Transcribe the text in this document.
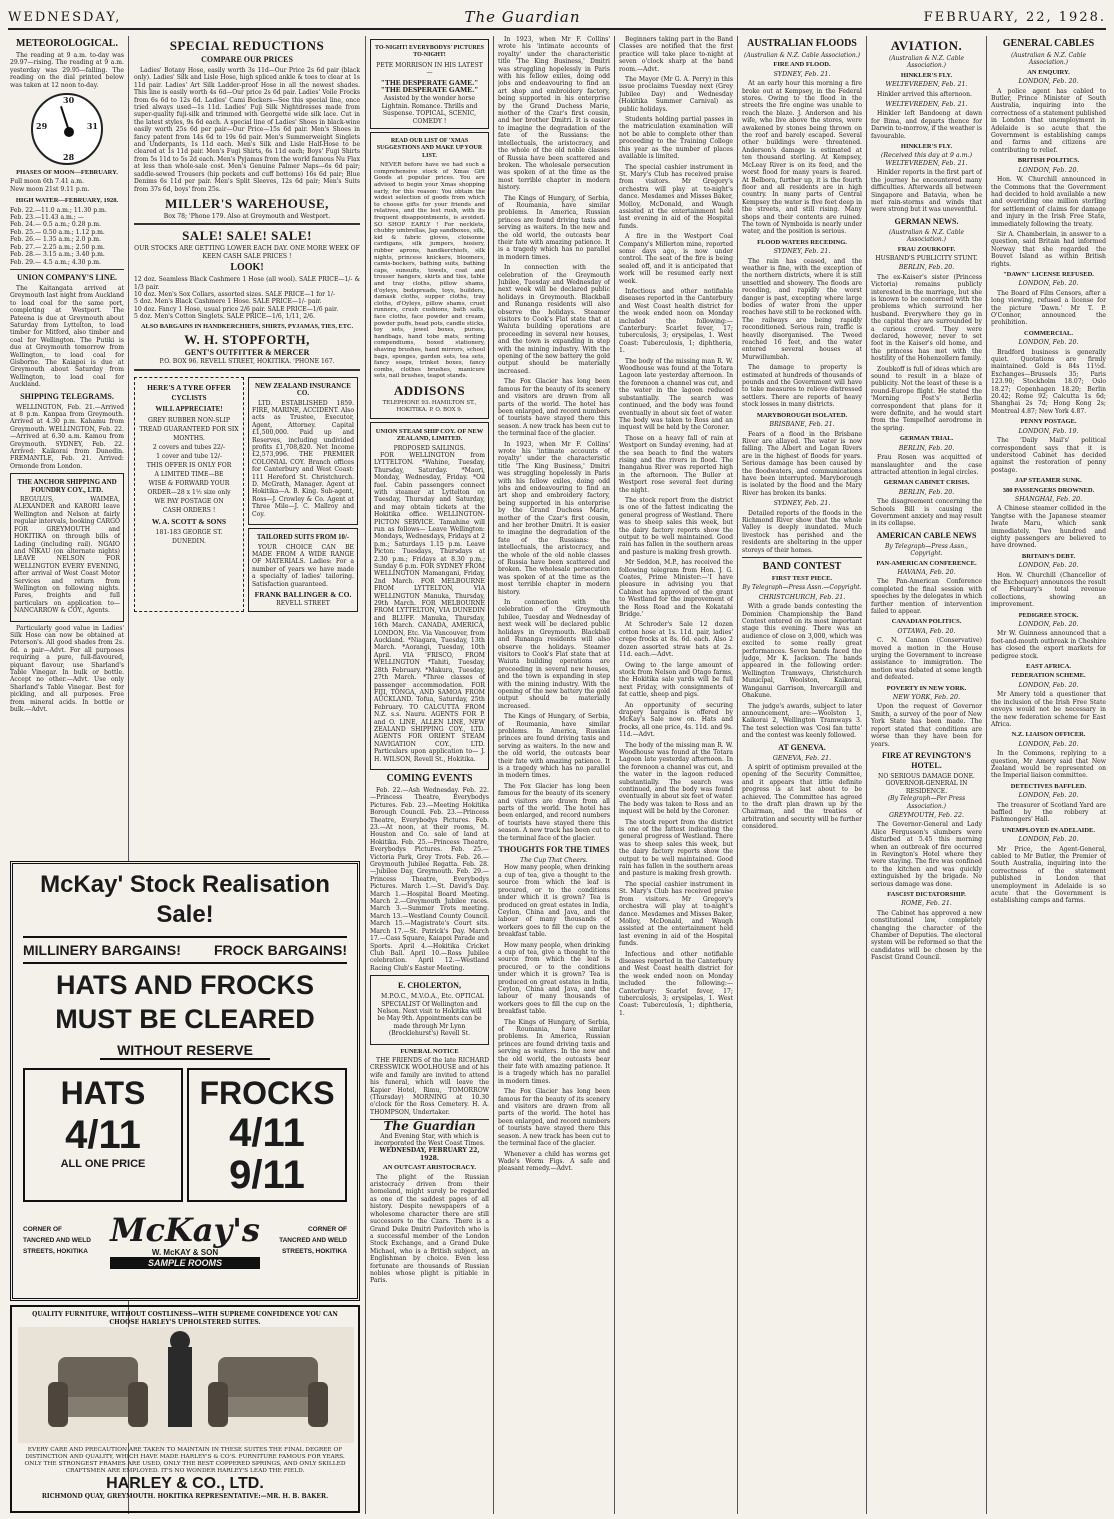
WEDNESDAY,	The Guardian	FEBRUARY, 22, 1928.
METEOROLOGICAL.

The reading at 9 a.m. to-day was 29.97—rising. The reading at 9 a.m. yesterday was 29.95—falling. The reading on the dial printed below was taken at 12 noon to-day.

29	31
30
28
PHASES OF MOON—FEBRUARY.
Full moon 6th 7.41 a.m.
New moon 21st 9.11 p.m.
HIGH WATER—FEBRUARY, 1928.
Feb. 22.—11.0 a.m.; 11.30 p.m.
Feb. 23.—11.43 a.m.; —
Feb. 24.— 0.5 a.m.; 0.28 p.m.
Feb. 25.— 0.50 a.m.; 1.12 p.m.
Feb. 26.— 1.35 a.m.; 2.0 p.m.
Feb. 27.— 2.25 a.m.; 2.50 p.m.
Feb. 28.— 3.15 a.m.; 3.40 p.m.
Feb. 29.— 4.5 a.m.; 4.30 p.m.
UNION COMPANY'S LINE.

The Kaitangata arrived at Greymouth last night from Auckland to load coal for the same port, completing at Westport. The Pateena is due at Greymouth about Saturday from Lyttelton, to load timber for Mitford, also timber and coal for Wellington. The Putiki is due at Greymouth tomorrow from Wellington, to load coal for Gisborne. The Kaiapoi is due at Greymouth about Saturday from Wellington, to load coal for Auckland.

SHIPPING TELEGRAMS.

WELLINGTON, Feb. 21.—Arrived at 8 p.m. Kanpaa from Greymouth. Arrived at 4.30 p.m. Kahamu from Greymouth. WELLINGTON, Feb. 22.—Arrived at 6.30 a.m. Kamou from Greymouth. SYDNEY, Feb. 22. Arrived: Kaikorai from Dunedin. FREMANTLE, Feb. 21. Arrived: Ormonde from London.

THE ANCHOR SHIPPING AND FOUNDRY COY., LTD.

REGULUS, WAIMEA, ALEXANDER and KARORI leave Wellington and Nelson at fairly regular intervals, booking CARGO FOR GREYMOUTH and HOKITIKA on through bills of Lading (including rail). NGAIO and NIKAU (on alternate nights) LEAVE NELSON FOR WELLINGTON EVERY EVENING, after arrival of West Coast Motor Services and return from Wellington on following nights. Fares, freights and full particulars on application to— NANCARROW & COY., Agents.

Particularly good value in Ladies' Silk Hose can now be obtained at Peterson's. All good shades from 2s. 6d. a pair—Advt. For all purposes requiring a pure, full-flavoured, piquant flavour, use Sharland's Table Vinegar. In bulk or bottle. Accept no other.—Advt. Use only Sharland's Table Vinegar. Best for pickling, and all purposes. Free from mineral acids. In bottle or bulk.—Advt.

SPECIAL REDUCTIONS
COMPARE OUR PRICES

Ladies' Botany Hose, easily worth 3s 11d—Our Price 2s 6d pair (black only). Ladies' Silk and Lisle Hose, high spliced ankle & toes to clear at 1s 11d pair. Ladies' Art Silk Ladder-proof Hose in all the newest shades. This line is easily worth 4s 6d—Our price 2s 6d pair. Ladies' Voile Frocks from 6s 6d to 12s 6d. Ladies' Cami Bockers—See this special line, once tried always used—1s 11d. Ladies' Fuji Silk Nightdresses made from super-quality fuji-silk and trimmed with Georgette wide silk lace. Cut in the latest styles, 9s 6d each. A special line of Ladies' Shoes in black-wine easily worth 25s 6d per pair—Our Price—15s 6d pair. Men's Shoes in fancy patent from 14s 6d to 19s 6d pair. Men's Summerweight Singlets and Underpants, 1s 11d each. Men's Silk and Lisle Half-Hose to be cleared at 1s 11d pair. Men's Fugi Shirts, 6s 11d each; Boys' Fugi Shirts from 5s 11d to 5s 2d each. Men's Pyjamas from the world famous Nu Flax at less than whole-sale cost. Men's Genuine Palmer Naps—6s 6d pair; saddle-sewed Trousers (hip pockets and cuff bottoms) 16s 6d pair; Blue Denims 6s 11d per pair. Men's Split Sleeves, 12s 6d pair; Men's Suits from 37s 6d, boys' from 25s.

MILLER'S WAREHOUSE,
Box 78; 'Phone 179. Also at Greymouth and Westport.
SALE! SALE! SALE!
OUR STOCKS ARE GETTING LOWER EACH DAY. ONE MORE WEEK OF KEEN CASH SALE PRICES !
LOOK!
12 doz. Seamless Black Cashmere 1 Hose (all wool). SALE PRICE—1/- & 1/3 pair.
10 doz. Men's Sox Collars, assorted sizes. SALE PRICE—1 for 1/-
5 doz. Men's Black Cashmere 1 Hose. SALE PRICE—1/- pair.
10 doz. Fancy 1 Hose, usual price 2/6 pair. SALE PRICE—1/6 pair.
5 doz. Men's Cotton Singlets. SALE PRICE—1/6, 1/11, 2/6.
ALSO BARGAINS IN HANDKERCHIEFS, SHIRTS, PYJAMAS, TIES, ETC.
W. H. STOPFORTH,
GENT'S OUTFITTER & MERCER
P.O. BOX 96. REVELL STREET, HOKITIKA. 'PHONE 167.
HERE'S A TYRE OFFER
CYCLISTS
WILL APPRECIATE!
GREY RUBBER NON-SLIP TREAD GUARANTEED FOR SIX MONTHS.
2 covers and tubes 22/-
1 cover and tube 12/-
THIS OFFER IS ONLY FOR
A LIMITED TIME—BE
WISE & FORWARD YOUR
ORDER—28 x 1½ size only
WE PAY POSTAGE ON
CASH ORDERS !
W. A. SCOTT & SONS
181-183 GEORGE ST.
DUNEDIN.
NEW ZEALAND INSURANCE CO.

LTD. ESTABLISHED 1859. FIRE, MARINE, ACCIDENT. Also acts as Trustee, Executor, Agent, Attorney. Capital £1,500,000. Paid up and Reserves, including undivided profits £1,708,820. Net Income £2,573,996. THE PREMIER COLONIAL COY. Branch offices for Canterbury and West Coast: 111 Hereford St. Christchurch. D. McGrath, Manager. Agent at Hokitika—A. B. King. Sub-agent, Ross—J. Crowley & Co. Agent at Three Mile—J. C. Mallroy and Coy.

TAILORED SUITS FROM 10/-

YOUR CHOICE CAN BE MADE FROM A WIDE RANGE OF MATERIALS. Ladies: For a number of years we have made a specialty of ladies' tailoring. Satisfaction guaranteed.

FRANK BALLINGER & CO.
REVELL STREET
McKay' Stock Realisation Sale!
MILLINERY BARGAINS! FROCK BARGAINS!
HATS AND FROCKS
MUST BE CLEARED
WITHOUT RESERVE
HATS
4/11
ALL ONE PRICE
FROCKS
4/11
9/11
CORNER OF TANCRED AND WELD STREETS, HOKITIKA
McKay's
W. McKAY & SON
SAMPLE ROOMS
CORNER OF TANCRED AND WELD STREETS, HOKITIKA
QUALITY FURNITURE, WITHOUT COSTLINESS—WITH SUPREME CONFIDENCE YOU CAN CHOOSE HARLEY'S UPHOLSTERED SUITES.
EVERY CARE AND PRECAUTION ARE TAKEN TO MAINTAIN IN THESE SUITES THE FINAL DEGREE OF DISTINCTION AND QUALITY, WHICH HAVE MADE HARLEY'S & CO'S. FURNITURE FAMOUS FOR YEARS. ONLY THE STRONGEST FRAMES ARE USED, ONLY THE BEST COPPERED SPRINGS, AND ONLY SKILLED CRAFTSMEN ARE EMPLOYED. IT'S NO WONDER HARLEY'S LEAD THE FIELD.
HARLEY & CO., LTD.
RICHMOND QUAY, GREYMOUTH. HOKITIKA REPRESENTATIVE:—MR. H. B. BAKER.
TO-NIGHT! EVERYBODYS' PICTURES TO-NIGHT!
PETE MORRISON IN HIS LATEST—
"THE DESPERATE GAME." "THE DESPERATE GAME."
Assisted by the wonder horse Lightnin. Romance. Thrills and Suspense. TOPICAL, SCENIC, COMEDY !
READ OUR LIST OF 'XMAS SUGGESTIONS AND MAKE UP YOUR LIST.

NEVER before have we had such a comprehensive stock of Xmas Gift Goods at popular prices. You are advised to begin your Xmas shopping early, for this reason: You obtain the widest selection of goods from which to choose gifts for your friends and relatives, and the lest rush, with its frequent disappointments, is avoided. SO SHOP EARLY ! For necklets, chubby umbrellas, Jap sandboxes, silk, kid & fabric gloves, cloisonne cardigans, silk jumpers, hosiery, rubber aprons, handkerchiefs, silk nights, princess knickers, bloomers, camis-bockers, bathing suits, bathing caps, sunsuits, towels, coat and trouser hangers, skirts and ties, table and tray cloths, pillow shams, d'oyleys, bedspreads, toys, builders, damask cloths, supper cloths, tray cloths, d'Oyleys, pillow shams, cruet runners, crush cushions, bath salts, face cloths, face powder and cream, powder puffs, bead pots, candle sticks, toy sets, jewel boxes, purses, handbags, hand tobe mats, writing compendiums, boxed stationery, shaving brushes, hand mirrors, school bags, sponges, garden sets, tea sets, fancy soaps, trinket boxes, fancy combs, clothes brushes, manicure sets, nail brushes, teapot stands.

ADDISONS
TELEPHONE 93. HAMILTON ST., HOKITIKA. P. O. BOX 9.
UNION STEAM SHIP COY. OF NEW ZEALAND, LIMITED.
PROPOSED SAILINGS.

FOR WELLINGTON from LYTTELTON. *Wahine, Tuesday, Thursday, Saturday. *Maori, Monday, Wednesday, Friday. *Oil fuel. Cabin passengers connect with steamer at Lyttelton on Tuesday, Thursday and Saturday, and may obtain tickets at the Hokitika office. WELLINGTON-PICTON SERVICE. Tamahine will run as follows— Leave Wellington: Mondays, Wednesdays, Fridays at 2 p.m.; Saturdays 1.15 p.m. Leave Picton: Tuesdays, Thursdays at 2.30 p.m.; Fridays at 8.30 p.m.; Sunday 6 p.m. FOR SYDNEY FROM WELLINGTON Mamangani, Friday, 2nd March. FOR MELBOURNE FROM LYTTELTON, VIA WELLINGTON Manuka, Thursday, 29th March. FOR MELBOURNE FROM LYTTELTON, VIA DUNEDIN and BLUFF. Manuka, Thursday, 16th March. CANADA, AMERICA, LONDON, Etc. Via Vancouver, from Auckland. *Niagara, Tuesday, 13th March. *Aorangi, Tuesday, 10th April. VIA 'FRISCO, FROM WELLINGTON *Tahiti, Tuesday, 28th February. *Makura, Tuesday, 27th March. *Three classes of passenger accommodation. FOR FIJI, TONGA, AND SAMOA FROM AUCKLAND. Tofua, Saturday, 25th February. TO CALCUTTA FROM N.Z. s.s. Nauru. AGENTS FOR P. and O. LINE, ALLEN LINE, NEW ZEALAND SHIPPING COY., LTD. AGENTS FOR ORIENT STEAM NAVIGATION COY., LTD. Particulars upon application to— J. H. WILSON, Revell St., Hokitika.

COMING EVENTS

Feb. 22.—Ash Wednesday. Feb. 22.—Princess Theatre, Everybodys Pictures. Feb. 23.—Meeting Hokitika Borough Council. Feb. 23.—Princess Theatre, Everybodys Pictures. Feb. 23.—At noon, at their rooms, M. Houston and Co. sale of land at Hokitika. Feb. 25.—Princess Theatre, Everybodys Pictures. Feb. 25.—Victoria Park, Grey Trots. Feb. 26.—Greymouth Jubilee Regatta. Feb. 28.—Jubilee Day, Greymouth. Feb. 29.—Princess Theatre, Everybodys Pictures. March 1.—St. David's Day. March 1.—Hospital Board Meeting. March 2.—Greymouth Jubilee races. March 3.—Summer Trots meeting. March 13.—Westland County Council. March 15.—Magistrate's Court sits. March 17.—St. Patrick's Day. March 17.—Cass Square, Kaiapoi Parade and Sports. April 4.—Hokitika Cricket Club Ball. April 10.—Ross Jubilee celebration. April 12.—Westland Racing Club's Easter Meeting.

E. CHOLERTON,

M.P.O.C., M.V.O.A., Etc. OPTICAL SPECIALIST Of Wellington and Nelson. Next visit to Hokitika will be May 9th. Appointments can be made through Mr Lynn (Brocklehurst's) Revell St.

FUNERAL NOTICE

THE FRIENDS of the late RICHARD CRESSWICK WOOLHOUSE and of his wife and family are invited to attend his funeral, which will leave the Kapier Hotel, Rimu, TOMORROW (Thursday) MORNING at 10.30 o'clock for the Ross Cemetery. H. A. THOMPSON, Undertaker.

The Guardian
And Evening Star, with which is incorporated the West Coast Times.
WEDNESDAY, FEBRUARY 22, 1928.
AN OUTCAST ARISTOCRACY.

The plight of the Russian aristocracy driven from their homeland, might surely be regarded as one of the saddest pages of all history. Despite newspapers of a wholesome character there are still successors to the Czars. There is a Grand Duke Dmitri Pavlovitch who is a successful member of the London Stock Exchange, and a Grand Duke Michael, who is a British subject, an Englishman by choice. Even less fortunate are thousands of Russian nobles whose plight is pitiable in Paris.

In 1923, when Mr F. Collins' wrote his 'intimate accounts of royalty' under the characteristic title 'The King Business,' Dmitri was struggling hopelessly in Paris with his fellow exiles, doing odd jobs and endeavouring to find an art shop and embroidery factory, being supported in his enterprise by the Grand Duchess Marie, mother of the Czar's first cousin, and her brother Dmitri. It is easier to imagine the degradation of the fate of the Russians: the intellectuals, the aristocracy, and the whole of the old noble classes of Russia have been scattered and broken. The wholesale persecution was spoken of at the time as the most terrible chapter in modern history.

The Kings of Hungary, of Serbia, of Roumania, have similar problems. In America, Russian princes are found driving taxis and serving as waiters. In the new and the old world, the outcasts bear their fate with amazing patience. It is a tragedy which has no parallel in modern times.

In connection with the celebration of the Greymouth Jubilee, Tuesday and Wednesday of next week will be declared public holidays in Greymouth. Blackball and Runanga residents will also observe the holidays. Steamer visitors to Cook's Flat state that at Waiuta building operations are proceeding in several new houses, and the town is expanding in step with the mining industry. With the opening of the new battery the gold output should be materially increased.

The Fox Glacier has long been famous for the beauty of its scenery and visitors are drawn from all parts of the world. The hotel has been enlarged, and record numbers of tourists have stayed there this season. A new track has been cut to the terminal face of the glacier.

In 1923, when Mr F. Collins' wrote his 'intimate accounts of royalty' under the characteristic title 'The King Business,' Dmitri was struggling hopelessly in Paris with his fellow exiles, doing odd jobs and endeavouring to find an art shop and embroidery factory, being supported in his enterprise by the Grand Duchess Marie, mother of the Czar's first cousin, and her brother Dmitri. It is easier to imagine the degradation of the fate of the Russians: the intellectuals, the aristocracy, and the whole of the old noble classes of Russia have been scattered and broken. The wholesale persecution was spoken of at the time as the most terrible chapter in modern history.

In connection with the celebration of the Greymouth Jubilee, Tuesday and Wednesday of next week will be declared public holidays in Greymouth. Blackball and Runanga residents will also observe the holidays. Steamer visitors to Cook's Flat state that at Waiuta building operations are proceeding in several new houses, and the town is expanding in step with the mining industry. With the opening of the new battery the gold output should be materially increased.

The Kings of Hungary, of Serbia, of Roumania, have similar problems. In America, Russian princes are found driving taxis and serving as waiters. In the new and the old world, the outcasts bear their fate with amazing patience. It is a tragedy which has no parallel in modern times.

The Fox Glacier has long been famous for the beauty of its scenery and visitors are drawn from all parts of the world. The hotel has been enlarged, and record numbers of tourists have stayed there this season. A new track has been cut to the terminal face of the glacier.

THOUGHTS FOR THE TIMES
The Cup That Cheers.

How many people, when drinking a cup of tea, give a thought to the source from which the leaf is procured, or to the conditions under which it is grown? Tea is produced on great estates in India, Ceylon, China and Java, and the labour of many thousands of workers goes to fill the cup on the breakfast table.

How many people, when drinking a cup of tea, give a thought to the source from which the leaf is procured, or to the conditions under which it is grown? Tea is produced on great estates in India, Ceylon, China and Java, and the labour of many thousands of workers goes to fill the cup on the breakfast table.

The Kings of Hungary, of Serbia, of Roumania, have similar problems. In America, Russian princes are found driving taxis and serving as waiters. In the new and the old world, the outcasts bear their fate with amazing patience. It is a tragedy which has no parallel in modern times.

The Fox Glacier has long been famous for the beauty of its scenery and visitors are drawn from all parts of the world. The hotel has been enlarged, and record numbers of tourists have stayed there this season. A new track has been cut to the terminal face of the glacier.

Whenever a child has worms get Wade's Worm Figs. A safe and pleasant remedy.—Advt.

Beginners taking part in the Band Classes are notified that the first practice will take place to-night at seven o'clock sharp at the band room.—Advt.

The Mayor (Mr G. A. Perry) in this issue proclaims Tuesday next (Grey Jubilee Day) and Wednesday (Hokitika Summer Carnival) as public holidays.

Students holding partial passes in the matriculation examination will not be able to complete other than proceeding to the Training College this year as the number of places available is limited.

The special cashier instrument in St. Mary's Club has received praise from visitors. Mr Gregory's orchestra will play at to-night's dance. Mesdames and Misses Baker, Molloy, McDonald, and Waugh assisted at the entertainment held last evening in aid of the Hospital funds.

A fire in the Westport Coal Company's Millerton mine, reported some days ago, is now under control. The seat of the fire is being sealed off, and it is anticipated that work will be resumed early next week.

Infectious and other notifiable diseases reported in the Canterbury and West Coast health district for the week ended noon on Monday included the following:—Canterbury: Scarlet fever, 17; tuberculosis, 3; erysipelas, 1. West Coast: Tuberculosis, 1; diphtheria, 1.

The body of the missing man R. W. Woodhouse was found at the Totara Lagoon late yesterday afternoon. In the forenoon a channel was cut, and the water in the lagoon reduced substantially. The search was continued, and the body was found eventually in about six feet of water. The body was taken to Ross and an inquest will be held by the Coroner.

Those on a heavy fall of rain at Westport on Sunday evening, had at the sea beach to find the waters rising and the rivers in flood. The Inangahua River was reported high in the afternoon. The Buller at Westport rose several feet during the night.

The stock report from the district is one of the fattest indicating the general progress of Westland. There was to sheep sales this week, but the dairy factory reports show the output to be well maintained. Good rain has fallen in the southern areas and pasture is making fresh growth.

Mr Seddon, M.P., has received the following telegram from Hon. J. G. Coates, Prime Minister:—'I have pleasure in advising you that Cabinet has approved of the grant to Westland for the improvement of the Ross Road and the Kokatahi Bridge.'

At Schroder's Sale 12 dozen cotton hose at 1s. 11d. pair, ladies' crepe frocks at 8s. 6d. each. Also 2 dozen assorted straw hats at 2s. 11d. each.—Advt.

Owing to the large amount of stock from Nelson and Otago farms, the Hokitika sale yards will be full next Friday, with consignments of fat cattle, sheep and pigs.

An opportunity of securing drapery bargains is offered by McKay's Sale now on. Hats and frocks, all one price, 4s. 11d. and 9s. 11d.—Advt.

The body of the missing man R. W. Woodhouse was found at the Totara Lagoon late yesterday afternoon. In the forenoon a channel was cut, and the water in the lagoon reduced substantially. The search was continued, and the body was found eventually in about six feet of water. The body was taken to Ross and an inquest will be held by the Coroner.

The stock report from the district is one of the fattest indicating the general progress of Westland. There was to sheep sales this week, but the dairy factory reports show the output to be well maintained. Good rain has fallen in the southern areas and pasture is making fresh growth.

The special cashier instrument in St. Mary's Club has received praise from visitors. Mr Gregory's orchestra will play at to-night's dance. Mesdames and Misses Baker, Molloy, McDonald, and Waugh assisted at the entertainment held last evening in aid of the Hospital funds.

Infectious and other notifiable diseases reported in the Canterbury and West Coast health district for the week ended noon on Monday included the following:—Canterbury: Scarlet fever, 17; tuberculosis, 3; erysipelas, 1. West Coast: Tuberculosis, 1; diphtheria, 1.

AUSTRALIAN FLOODS
(Australian & N.Z. Cable Association.)
FIRE AND FLOOD.
SYDNEY, Feb. 21.

At an early hour this morning a fire broke out at Kempsey, in the Federal stores. Owing to the flood in the streets the fire engine was unable to reach the blaze. J. Anderson and his wife, who live above the stores, were awakened by stones being thrown on the roof and barely escaped. Several other buildings were threatened. Anderson's damage is estimated at ten thousand sterling. At Kempsey, McLeay River is on its feed, and the worst flood for many years is feared. At Belbora, further up, it is the fourth floor and all residents are in high country. In many parts of Central Kempsey the water is five feet deep in the streets, and still rising. Many shops and their contents are ruined. The town of Nymboida is nearly under water, and the position is serious.

FLOOD WATERS RECEDING.
SYDNEY, Feb. 21.

The rain has ceased, and the weather is fine, with the exception of the northern districts, where it is still unsettled and showery. The floods are receding, and rapidly the worst danger is past, excepting where large bodies of water from the upper reaches have still to be reckoned with. The railways are being rapidly reconditioned. Serious rain, traffic is heavily disorganised. The Tweed reached 16 feet, and the water entered several houses at Murwillumbah.

The damage to property is estimated at hundreds of thousands of pounds and the Government will have to take measures to relieve distressed settlers. There are reports of heavy stock losses in many districts.

MARYBOROUGH ISOLATED.
BRISBANE, Feb. 21.

Fears of a flood in the Brisbane River are allayed. The water is now falling. The Albert and Logan Rivers are in the highest of floods for years. Serious damage has been caused by the floodwaters, and communications have been interrupted. Maryborough is isolated by the flood and the Mary River has broken its banks.

SYDNEY, Feb. 21.

Detailed reports of the floods in the Richmond River show that the whole Valley is deeply inundated. Much livestock has perished and the residents are sheltering in the upper storeys of their homes.

BAND CONTEST
FIRST TEST PIECE.
By Telegraph—Press Assn.—Copyright.
CHRISTCHURCH, Feb. 21.

With a grade bands contesting the Dominion Championship the Band Contest entered on its most important stage this evening. There was an audience of close on 3,000, which was excited to some really great performances. Seven bands faced the judge, Mr K. Jackson. The bands appeared in the following order: Wellington Tramways, Christchurch Municipal, Woolston, Kaikorai, Wanganui Garrison, Invercargill and Ohakune.

The judge's awards, subject to later announcement, are:—Woolston 1, Kaikorai 2, Wellington Tramways 3. The test selection was 'Cosi fan tutte' and the contest was keenly followed.

AT GENEVA.
GENEVA, Feb. 21.

A spirit of optimism prevailed at the opening of the Security Committee, and it appears that little definite progress is at last about to be achieved. The Committee has agreed to the draft plan drawn up by the Chairman, and the treaties of arbitration and security will be further considered.

AVIATION.
(Australian & N.Z. Cable Association.)
HINKLER'S FLY.
WELTEVREDEN, Feb. 21.

Hinkler arrived this afternoon.

WELTEVREDEN, Feb. 21.

Hinkler left Bandoeng at dawn for Bima, and departs thence for Darwin to-morrow, if the weather is favourable.

HINKLER'S FLY.
(Received this day at 9 a.m.) WELTEVREDEN, Feb. 21.

Hinkler reports in the first part of the journey he encountered many difficulties. Afterwards all between Singapore and Batavia, when he met rain-storms and winds that were strong but it was uneventful.

GERMAN NEWS.
(Australian & N.Z. Cable Association.)
FRAU ZOURKOFF.
HUSBAND'S PUBLICITY STUNT.
BERLIN, Feb. 20.

The ex-Kaiser's sister (Princess Victoria) remains publicly interested in the marriage, but she is known to be concerned with the problems which surround her husband. Everywhere they go in the capital they are surrounded by a curious crowd. They were declared, however, never to set foot in the Kaiser's old home, and the princess has met with the hostility of the Hohenzollern family.

Zoubkoff is full of ideas which are sound to result in a blaze of publicity. Not the least of these is a round-Europe flight. He stated the 'Morning Post's' Berlin correspondent that plans for it were definite, and he would start from the Tempelhof aerodrome in the spring.

GERMAN TRIAL.
BERLIN, Feb. 20.

Frau Rosen was acquitted of manslaughter and the case attracted attention in legal circles.

GERMAN CABINET CRISIS.
BERLIN, Feb. 20.

The disagreement concerning the Schools Bill is causing the Government anxiety and may result in its collapse.

AMERICAN CABLE NEWS
By Telegraph—Press Assn., Copyright.
PAN-AMERICAN CONFERENCE.
HAVANA, Feb. 20.

The Pan-American Conference completed the final session with speeches by the delegates in which further mention of intervention failed to appear.

CANADIAN POLITICS.
OTTAWA, Feb. 20.

C. N. Cannon (Conservative) moved a motion in the House urging the Government to increase assistance to immigration. The motion was debated at some length and defeated.

POVERTY IN NEW YORK.
NEW YORK, Feb. 20.

Upon the request of Governor Smith, a survey of the poor of New York State has been made. The report stated that conditions are worse than they have been for years.

FIRE AT REVINGTON'S HOTEL.
NO SERIOUS DAMAGE DONE.
GOVERNOR-GENERAL IN RESIDENCE.
(By Telegraph—Per Press Association.)
GREYMOUTH, Feb. 22.

The Governor-General and Lady Alice Fergusson's slumbers were disturbed at 5.45 this morning when an outbreak of fire occurred in Revington's Hotel where they were staying. The fire was confined to the kitchen and was quickly extinguished by the brigade. No serious damage was done.

FASCIST DICTATORSHIP.
ROME, Feb. 21.

The Cabinet has approved a new constitutional law, completely changing the character of the Chamber of Deputies. The electoral system will be reformed so that the candidates will be chosen by the Fascist Grand Council.

GENERAL CABLES
(Australian & N.Z. Cable Association.)
AN ENQUIRY.
LONDON, Feb. 20.

A police agent has cabled to Butler, Prince Minister of South Australia, inquiring into the correctness of a statement published in London that unemployment in Adelaide is so acute that the Government is establishing camps and farms and citizens are contributing to relief.

BRITISH POLITICS.
LONDON, Feb. 20.

Hon. W. Churchill announced in the Commons that the Government had decided to hold available a new and overriding one million sterling for settlement of claims for damage and injury in the Irish Free State, immediately following the treaty.

Sir A. Chamberlain, in answer to a question, said Britain had informed Norway that she regarded the Bouvet Island as within British rights.

"DAWN" LICENSE REFUSED.
LONDON, Feb. 20.

The Board of Film Censors, after a long viewing, refused a license for the picture 'Dawn.' Mr T. P. O'Connor, announced the prohibition.

COMMERCIAL.
LONDON, Feb. 20.

Bradford business is generally quiet. Quotations are firmly maintained. Gold is 84s 11½d. Exchanges—Brussels 35; Paris 123.90; Stockholm 18.07; Oslo 18.27; Copenhagen 18.20; Berlin 20.42; Rome 92; Calcutta 1s 6d; Shanghai 2s 7d; Hong Kong 2s; Montreal 4.87; New York 4.87.

PENNY POSTAGE.
LONDON, Feb. 19.

The 'Daily Mail's' political correspondent says that it is understood Cabinet has decided against the restoration of penny postage.

JAP STEAMER SUNK.
380 PASSENGERS DROWNED.
SHANGHAI, Feb. 20.

A Chinese steamer collided in the Yangtse with the Japanese steamer Iwate Maru, which sank immediately. Two hundred and eighty passengers are believed to have drowned.

BRITAIN'S DEBT.
LONDON, Feb. 20.

Hon. W. Churchill (Chancellor of the Exchequer) announces the result of February's total revenue collections, showing an improvement.

PEDIGREE STOCK.
LONDON, Feb. 20.

Mr W. Guinness announced that a foot-and-mouth outbreak in Cheshire has closed the export markets for pedigree stock.

EAST AFRICA.
FEDERATION SCHEME.
LONDON, Feb. 20.

Mr Amery told a questioner that the inclusion of the Irish Free State envoys would not be necessary in the new federation scheme for East Africa.

N.Z. LIAISON OFFICER.
LONDON, Feb. 20.

In the Commons, replying to a question, Mr Amery said that New Zealand would be represented on the Imperial liaison committee.

DETECTIVES BAFFLED.
LONDON, Feb. 20.

The treasurer of Scotland Yard are baffled by the robbery at Fishmongers' Hall.

UNEMPLOYED IN ADELAIDE.
LONDON, Feb. 20.

Mr Price, the Agent-General, cabled to Mr Butler, the Premier of South Australia, inquiring into the correctness of the statement published in London that unemployment in Adelaide is so acute that the Government is establishing camps and farms.
